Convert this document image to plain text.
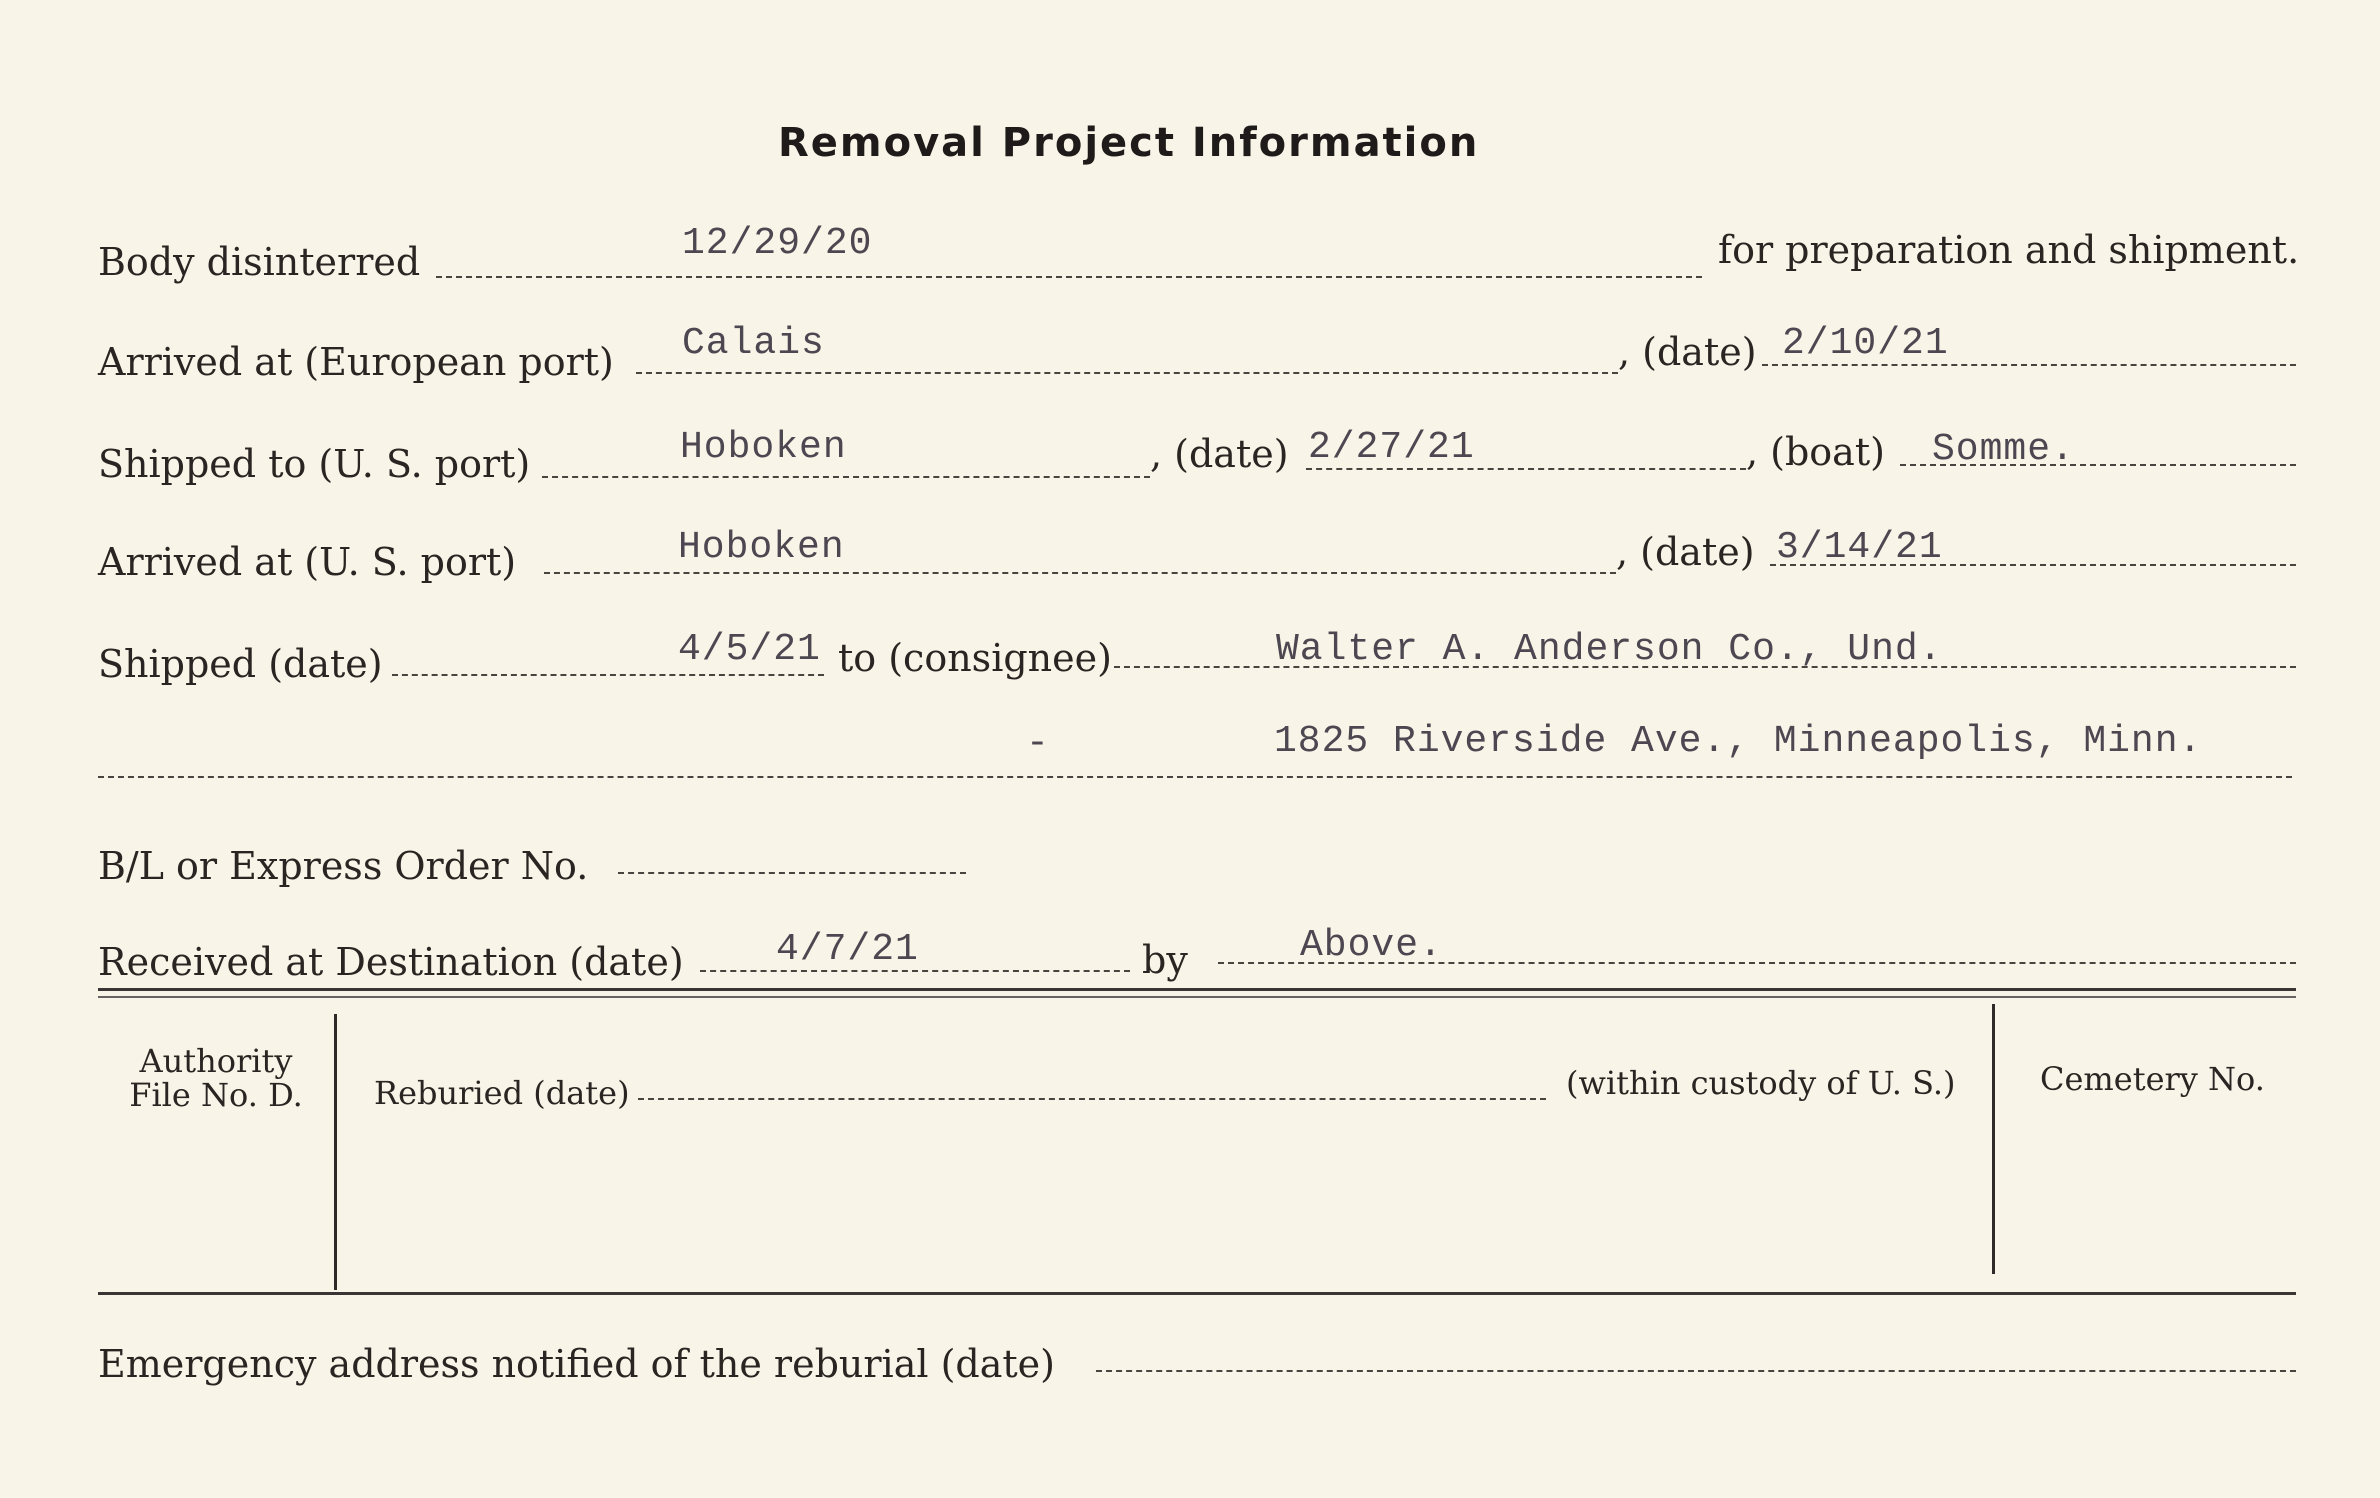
Removal Project Information
Body disinterred	12/29/20	for preparation and shipment.
Arrived at (European port) Calais	, (date) 2/10/21
Shipped to (U. S. port)	Hoboken	, (date) 2/27/21	, (boat) Somme.
Arrived at (U. S. port)	Hoboken	, (date) 3/14/21
Shipped (date)	4/5/21 to (consignee)	Walter A. Anderson Co., Und.
-	1825 Riverside Ave., Minneapolis, Minn.
B/L or Express Order No.
Received at Destination (date) 4/7/21	by	Above.
Authority
File No. D.	Reburied (date)	(within custody of U. S.)	Cemetery No.
Emergency address notified of the reburial (date)
